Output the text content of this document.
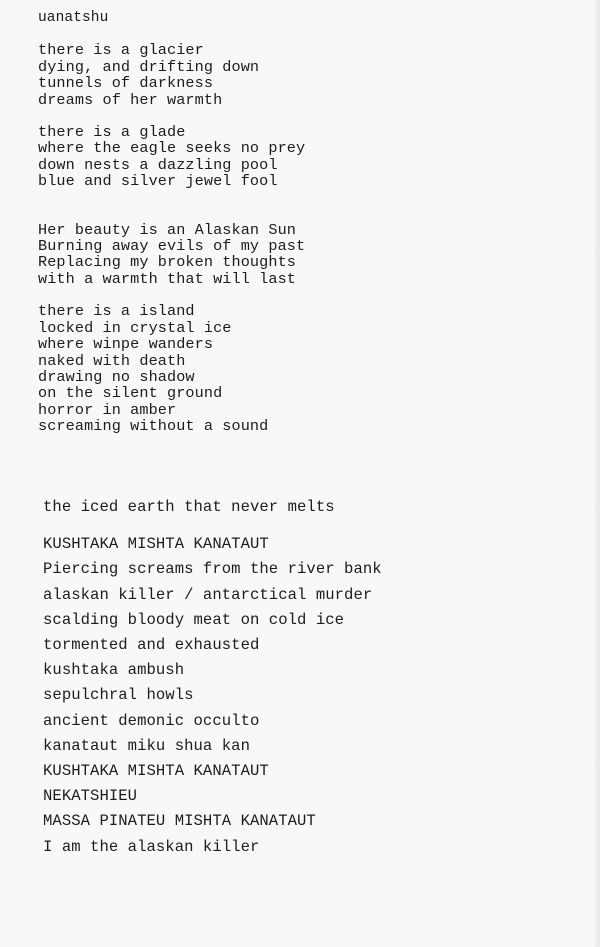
uanatshu
there is a glacier
dying, and drifting down
tunnels of darkness
dreams of her warmth
there is a glade
where the eagle seeks no prey
down nests a dazzling pool
blue and silver jewel fool
Her beauty is an Alaskan Sun
Burning away evils of my past
Replacing my broken thoughts
with a warmth that will last
there is a island
locked in crystal ice
where winpe wanders
naked with death
drawing no shadow
on the silent ground
horror in amber
screaming without a sound
the iced earth that never melts
KUSHTAKA MISHTA KANATAUT
Piercing screams from the river bank
alaskan killer / antarctical murder
scalding bloody meat on cold ice
tormented and exhausted
kushtaka ambush
sepulchral howls
ancient demonic occulto
kanataut miku shua kan
KUSHTAKA MISHTA KANATAUT
NEKATSHIEU
MASSA PINATEU MISHTA KANATAUT
I am the alaskan killer
